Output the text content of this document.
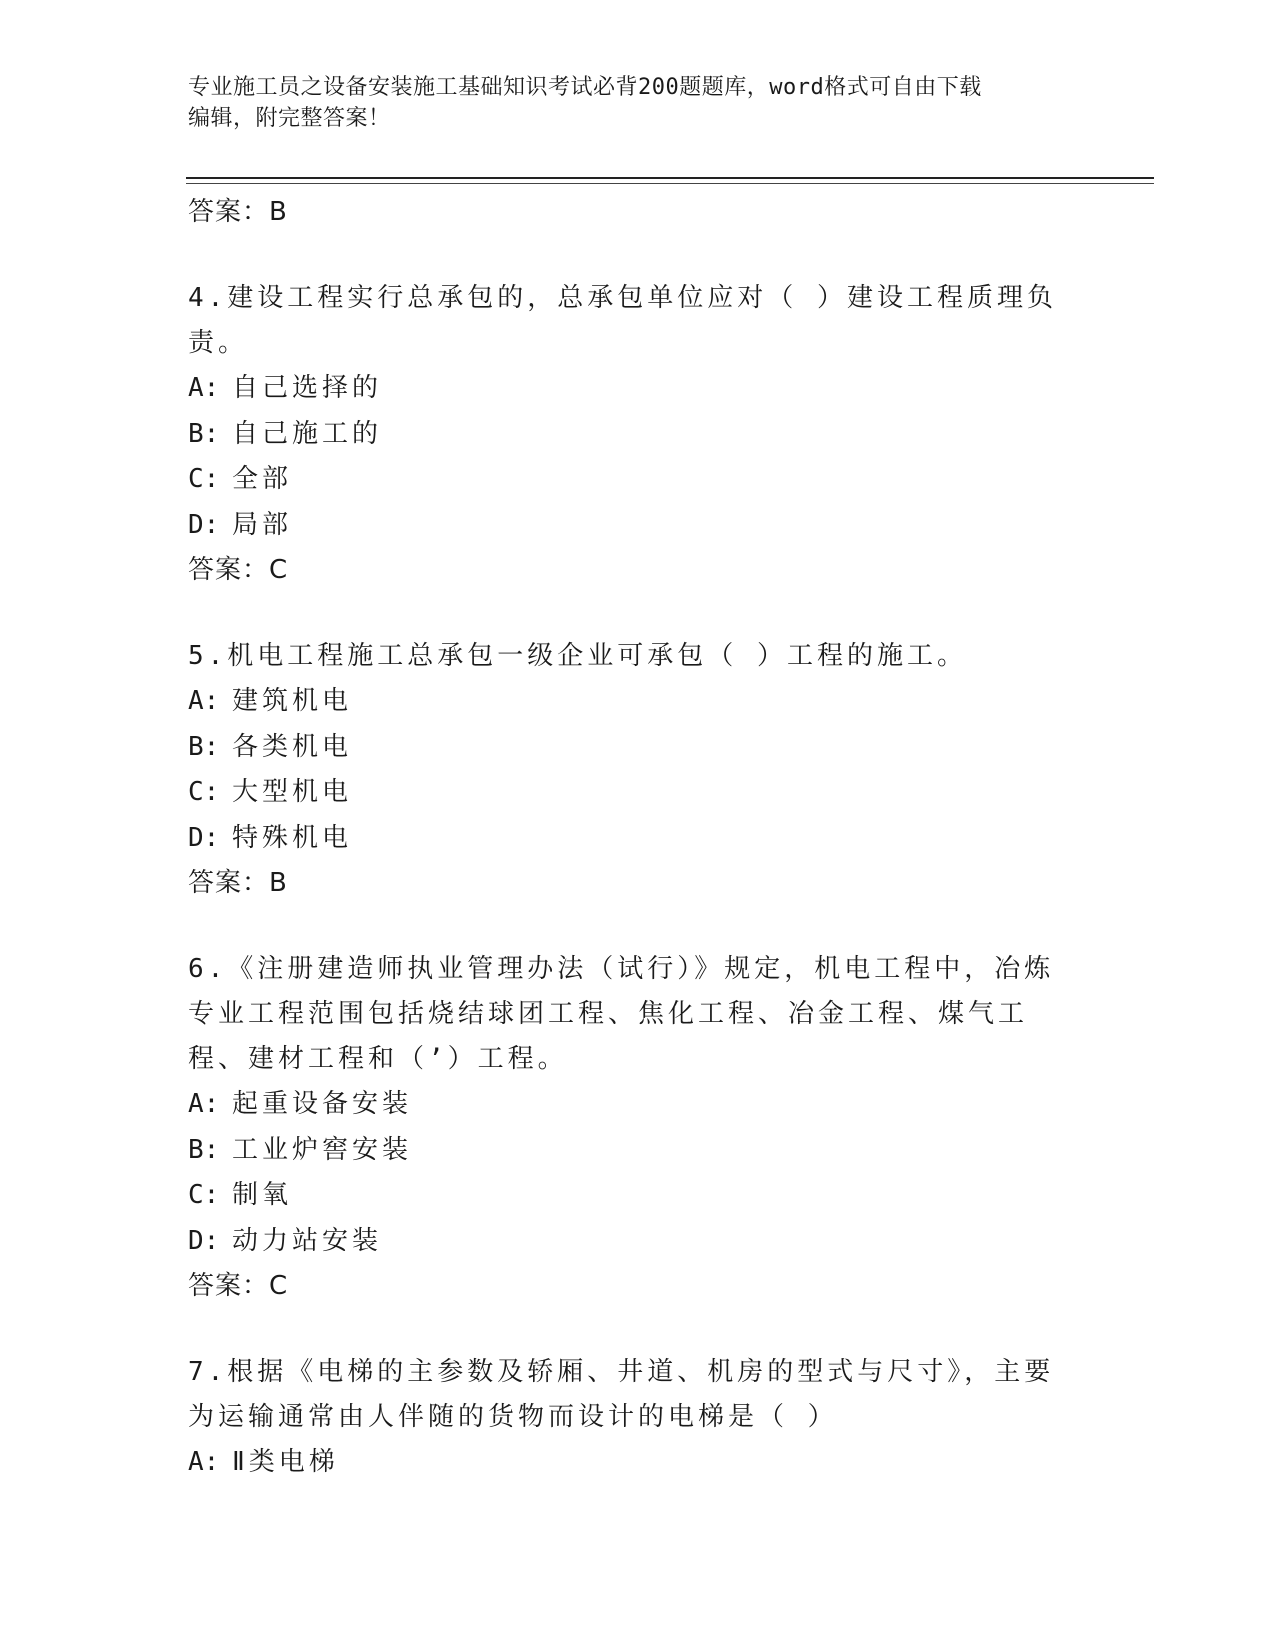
专业施工员之设备安装施工基础知识考试必背200题题库，word格式可自由下载
编辑，附完整答案！
答案：B
4.建设工程实行总承包的，总承包单位应对（ ）建设工程质理负责。
A: 自己选择的
B: 自己施工的
C: 全部
D: 局部
答案：C
5.机电工程施工总承包一级企业可承包（ ）工程的施工。
A: 建筑机电
B: 各类机电
C: 大型机电
D: 特殊机电
答案：B
6.《注册建造师执业管理办法（试行）》规定，机电工程中，冶炼专业工程范围包括烧结球团工程、焦化工程、冶金工程、煤气工程、建材工程和（’）工程。
A: 起重设备安装
B: 工业炉窖安装
C: 制氧
D: 动力站安装
答案：C
7.根据《电梯的主参数及轿厢、井道、机房的型式与尺寸》，主要为运输通常由人伴随的货物而设计的电梯是（ ）
A: Ⅱ类电梯
